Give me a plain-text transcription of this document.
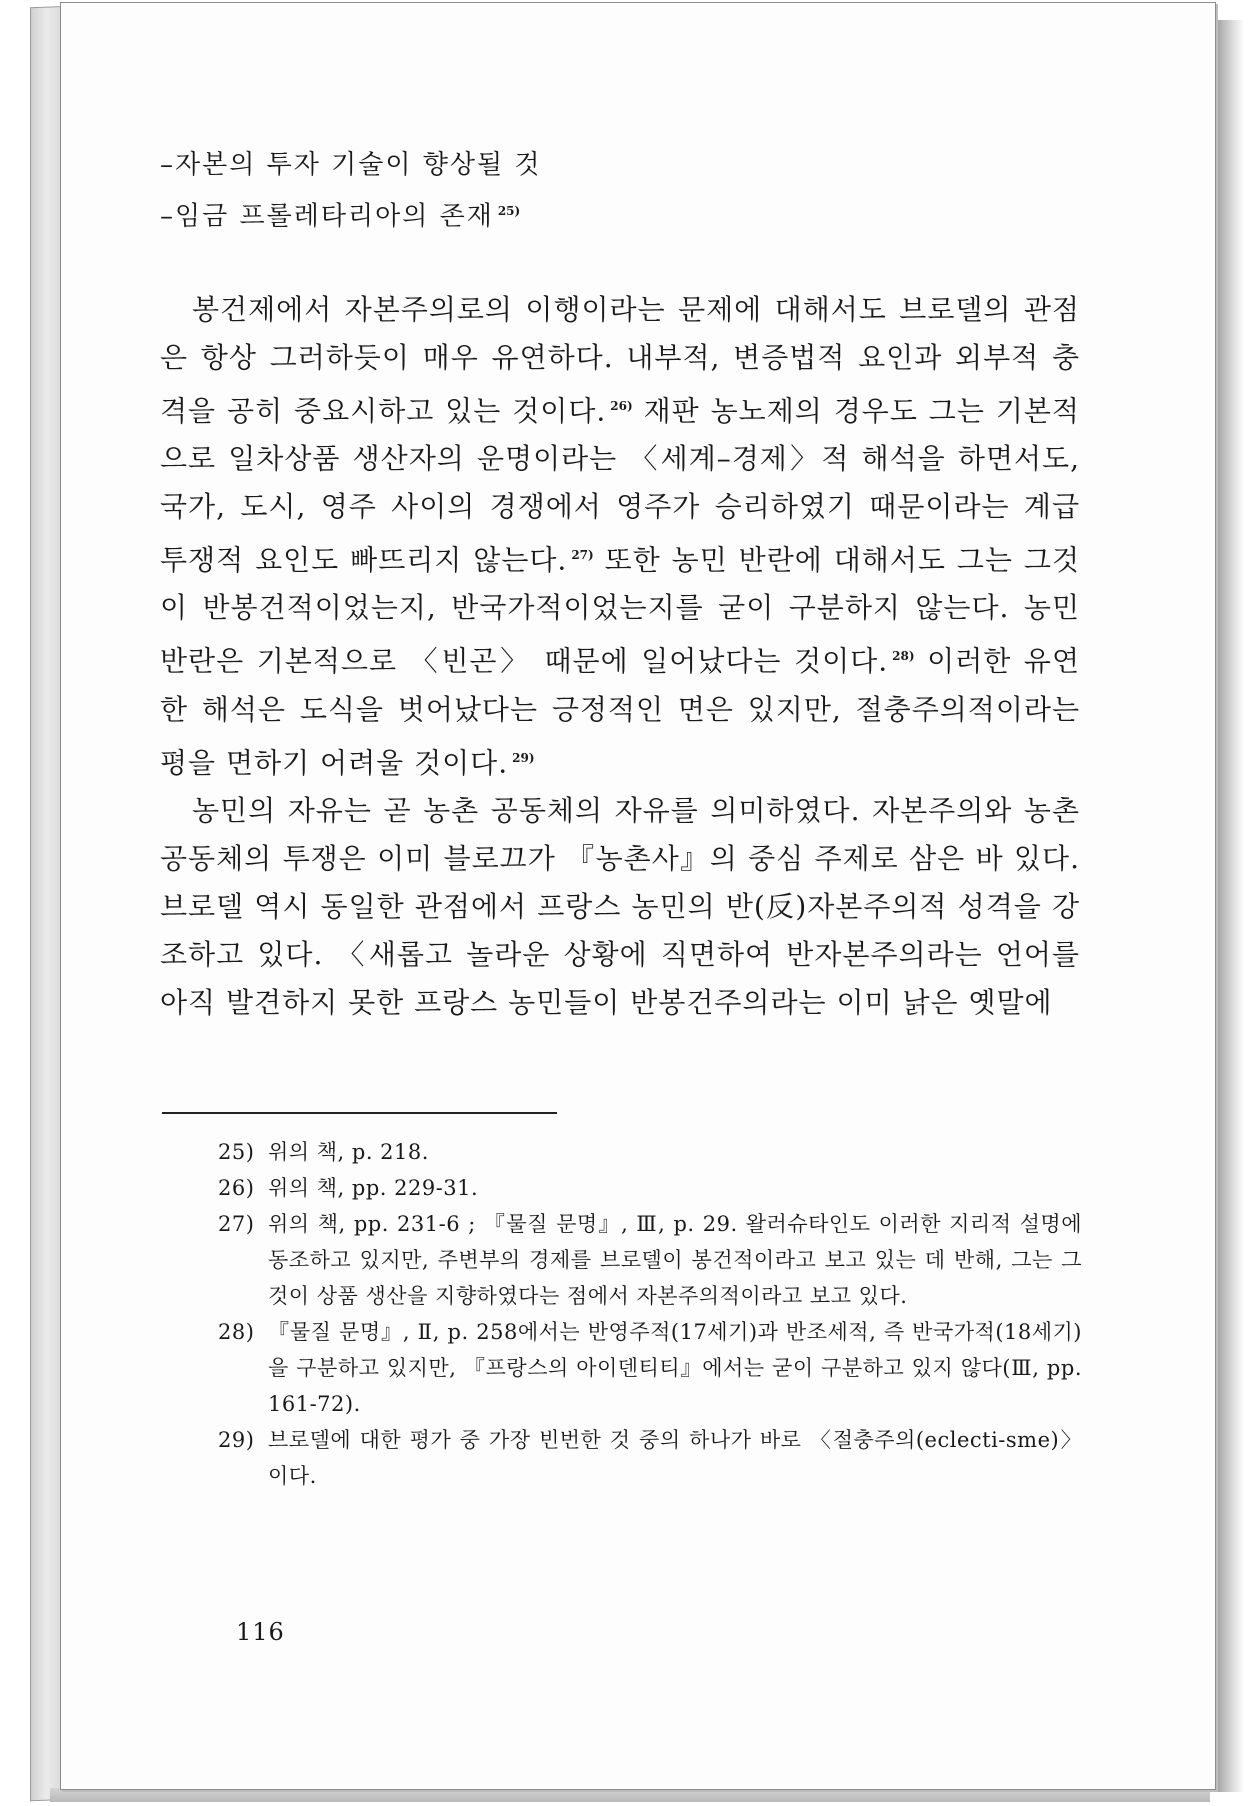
–자본의 투자 기술이 향상될 것
–임금 프롤레타리아의 존재 $^{25)}$

봉건제에서 자본주의로의 이행이라는 문제에 대해서도 브로델의 관점은 항상 그러하듯이 매우 유연하다. 내부적, 변증법적 요인과 외부적 충격을 공히 중요시하고 있는 것이다. $^{26)}$ 재판 농노제의 경우도 그는 기본적으로 일차상품 생산자의 운명이라는 〈세계–경제〉적 해석을 하면서도, 국가, 도시, 영주 사이의 경쟁에서 영주가 승리하였기 때문이라는 계급 투쟁적 요인도 빠뜨리지 않는다. $^{27)}$ 또한 농민 반란에 대해서도 그는 그것이 반봉건적이었는지, 반국가적이었는지를 굳이 구분하지 않는다. 농민 반란은 기본적으로 〈빈곤〉 때문에 일어났다는 것이다. $^{28)}$ 이러한 유연한 해석은 도식을 벗어났다는 긍정적인 면은 있지만, 절충주의적이라는 평을 면하기 어려울 것이다. $^{29)}$

농민의 자유는 곧 농촌 공동체의 자유를 의미하였다. 자본주의와 농촌 공동체의 투쟁은 이미 블로끄가 『농촌사』의 중심 주제로 삼은 바 있다. 브로델 역시 동일한 관점에서 프랑스 농민의 반(反)자본주의적 성격을 강조하고 있다. 〈새롭고 놀라운 상황에 직면하여 반자본주의라는 언어를 아직 발견하지 못한 프랑스 농민들이 반봉건주의라는 이미 낡은 옛말에

25) 위의 책, p. 218.
26) 위의 책, pp. 229-31.
27) 위의 책, pp. 231-6 ; 『물질 문명』, Ⅲ, p. 29. 왈러슈타인도 이러한 지리적 설명에 동조하고 있지만, 주변부의 경제를 브로델이 봉건적이라고 보고 있는 데 반해, 그는 그것이 상품 생산을 지향하였다는 점에서 자본주의적이라고 보고 있다.
28) 『물질 문명』, Ⅱ, p. 258에서는 반영주적(17세기)과 반조세적, 즉 반국가적(18세기)을 구분하고 있지만, 『프랑스의 아이덴티티』에서는 굳이 구분하고 있지 않다(Ⅲ, pp. 161-72).
29) 브로델에 대한 평가 중 가장 빈번한 것 중의 하나가 바로 〈절충주의(eclecti-sme)〉이다.
116
